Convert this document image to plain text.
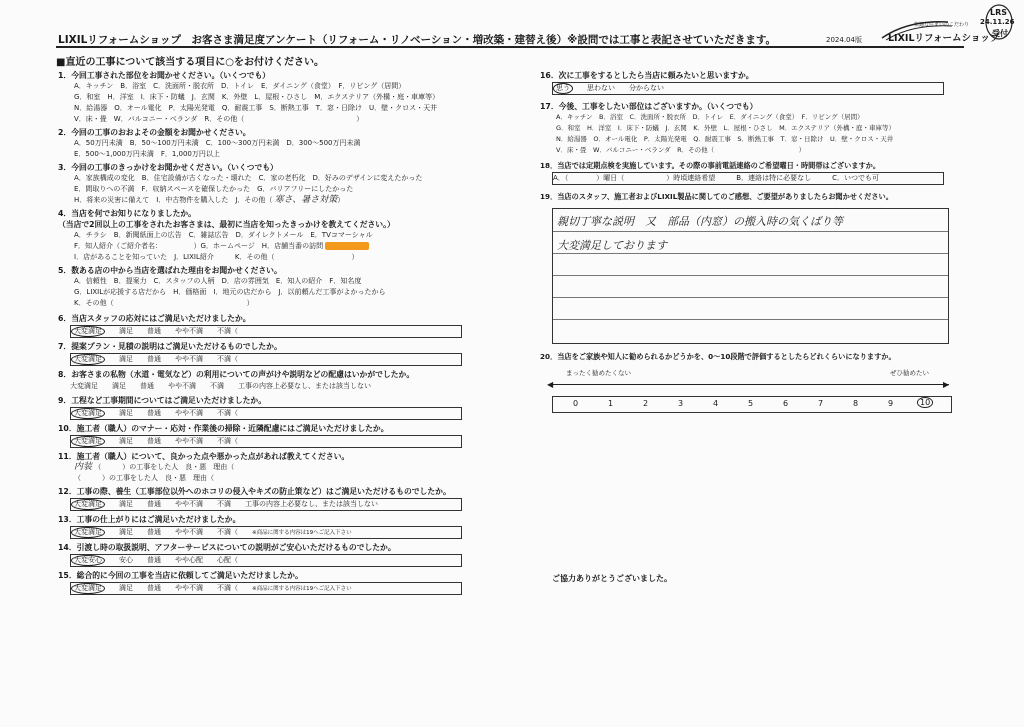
LIXILリフォームショップ　お客さま満足度アンケート（リフォーム・リノベーション・増改築・建替え後）※設問では工事と表記させていただきます。	2024.04版
快適な住まいのこだわり
LIXILリフォームショップ
LRS
24.11.26
受付
■直近の工事について該当する項目に○をお付けください。
1．今回工事された部位をお聞かせください。（いくつでも）
A．キッチン　B．浴室　C．洗面所・脱衣所　D．トイレ　E．ダイニング（食堂）　F．リビング（居間）
G．和室　H．洋室　I．床下・防蟻　J．玄関　K．外壁　L．屋根・ひさし　M．エクステリア（外構・庭・車庫等）
N．給湯器　O．オール電化　P．太陽光発電　Q．耐震工事　S．断熱工事　T．窓・日除け　U．壁・クロス・天井
V．床・畳　W．バルコニー・ベランダ　R．その他（　　　　　　　　　　　　　　　　）
2．今回の工事のおおよその金額をお聞かせください。
A．50万円未満　B．50～100万円未満　C．100～300万円未満　D．300～500万円未満
E．500～1,000万円未満　F．1,000万円以上
3．今回の工事のきっかけをお聞かせください。（いくつでも）
A．家族構成の変化　B．住宅設備が古くなった・壊れた　C．家の老朽化　D．好みのデザインに変えたかった
E．間取りへの不満　F．収納スペースを確保したかった　G．バリアフリーにしたかった
H．将来の災害に備えて　I．中古物件を購入した　J．その他（ 寒さ、暑さ対策）
4．当店を何でお知りになりましたか。
（当店で2回以上の工事をされたお客さまは、最初に当店を知ったきっかけを教えてください。）
A．チラシ　B．新聞紙面上の広告　C．雑誌広告　D．ダイレクトメール　E．TVコマーシャル
F．知人紹介（ご紹介者名：　　　　　）G．ホームページ　H．店舗当番の訪問
I．店があることを知っていた　J．LIXIL紹介　　　K．その他（　　　　　　　　　　　）
5．数ある店の中から当店を選ばれた理由をお聞かせください。
A．信頼性　B．提案力　C．スタッフの人柄　D．店の雰囲気　E．知人の紹介　F．知名度
G．LIXILが応援する店だから　H．価格面　I．地元の店だから　J．以前頼んだ工事がよかったから
K．その他（　　　　　　　　　　　　　　　　　　　）
6．当店スタッフの応対にはご満足いただけましたか。
大変満足 満足 普通 やや不満 不満（
7．提案プラン・見積の説明はご満足いただけるものでしたか。
大変満足 満足 普通 やや不満 不満（
8．お客さまの私物（水道・電気など）の利用についての声がけや説明などの配慮はいかがでしたか。
大変満足 満足 普通 やや不満 不満 工事の内容上必要なし、または該当しない
9．工程など工事期間についてはご満足いただけましたか。
大変満足 満足 普通 やや不満 不満（
10．施工者（職人）のマナー・応対・作業後の掃除・近隣配慮にはご満足いただけましたか。
大変満足 満足 普通 やや不満 不満（
11．施工者（職人）について、良かった点や悪かった点があれば教えてください。
内装 （　　　）の工事をした人　良・悪　理由（
（　　　）の工事をした人　良・悪　理由（
12．工事の際、養生（工事部位以外へのホコリの侵入やキズの防止策など）はご満足いただけるものでしたか。
大変満足 満足 普通 やや不満 不満 工事の内容上必要なし、または該当しない
13．工事の仕上がりにはご満足いただけましたか。
大変満足 満足 普通 やや不満 不満（	※商品に関する内容は19へご記入下さい
14．引渡し時の取扱説明、アフターサービスについての説明がご安心いただけるものでしたか。
大変安心 安心 普通 やや心配 心配（
15．総合的に今回の工事を当店に依頼してご満足いただけましたか。
大変満足 満足 普通 やや不満 不満（	※商品に関する内容は19へご記入下さい
16．次に工事をするとしたら当店に頼みたいと思いますか。
思う 思わない 分からない
17．今後、工事をしたい部位はございますか。（いくつでも）
A．キッチン　B．浴室　C．洗面所・脱衣所　D．トイレ　E．ダイニング（食堂）　F．リビング（居間）
G．和室　H．洋室　I．床下・防蟻　J．玄関　K．外壁　L．屋根・ひさし　M．エクステリア（外構・庭・車庫等）
N．給湯器　O．オール電化　P．太陽光発電　Q．耐震工事　S．断熱工事　T．窓・日除け　U．壁・クロス・天井
V．床・畳　W．バルコニー・ベランダ　R．その他（　　　　　　　　　　　　　）
18．当店では定期点検を実施しています。その際の事前電話連絡のご希望曜日・時間帯はございますか。
A．（　　　　）曜日（　　　　　　）時頃連絡希望　　　B．連絡は特に必要なし　　　C．いつでも可
19．当店のスタッフ、施工者およびLIXIL製品に関してのご感想、ご要望がありましたらお聞かせください。
親切丁寧な説明　又　部品（内窓）の搬入時の気くばり等
大変満足しております
20．当店をご家族や知人に勧められるかどうかを、0～10段階で評価するとしたらどれくらいになりますか。
まったく勧めたくない	ぜひ勧めたい
◀	▶
0	1	2	3	4	5	6	7	8	9	10
ご協力ありがとうございました。
